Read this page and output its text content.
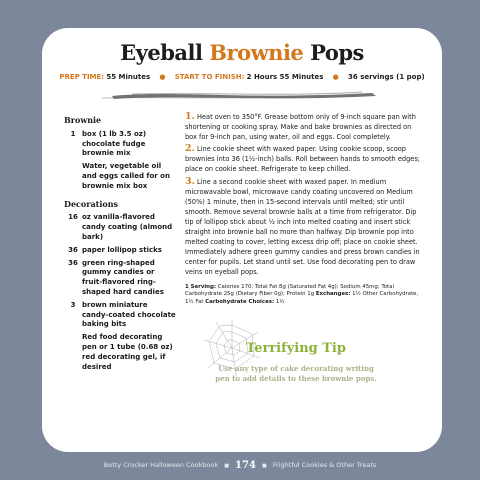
Eyeball Brownie Pops
PREP TIME: 55 Minutes ● START TO FINISH: 2 Hours 55 Minutes ● 36 servings (1 pop)
Brownie
1 box (1 lb 3.5 oz) chocolate fudge brownie mix
Water, vegetable oil and eggs called for on brownie mix box
Decorations
16 oz vanilla-flavored candy coating (almond bark)
36 paper lollipop sticks
36 green ring-shaped gummy candies or fruit-flavored ring-shaped hard candies
3 brown miniature candy-coated chocolate baking bits
Red food decorating pen or 1 tube (0.68 oz) red decorating gel, if desired

1. Heat oven to 350°F. Grease bottom only of 9-inch square pan with shortening or cooking spray. Make and bake brownies as directed on box for 9-inch pan, using water, oil and eggs. Cool completely.

2. Line cookie sheet with waxed paper. Using cookie scoop, scoop brownies into 36 (1½-inch) balls. Roll between hands to smooth edges; place on cookie sheet. Refrigerate to keep chilled.

3. Line a second cookie sheet with waxed paper. In medium microwavable bowl, microwave candy coating uncovered on Medium (50%) 1 minute, then in 15-second intervals until melted; stir until smooth. Remove several brownie balls at a time from refrigerator. Dip tip of lollipop stick about ½ inch into melted coating and insert stick straight into brownie ball no more than halfway. Dip brownie pop into melted coating to cover, letting excess drip off; place on cookie sheet. Immediately adhere green gummy candies and press brown candies in center for pupils. Let stand until set. Use food decorating pen to draw veins on eyeball pops.

1 Serving: Calories 170; Total Fat 8g (Saturated Fat 4g); Sodium 45mg; Total Carbohydrate 25g (Dietary Fiber 0g); Protein 1g Exchanges: 1½ Other Carbohydrate, 1½ Fat Carbohydrate Choices: 1½
Terrifying Tip
Use any type of cake decorating writing pen to add details to these brownie pops.
Betty Crocker Halloween Cookbook ■ 174 ■ Frightful Cookies & Other Treats
